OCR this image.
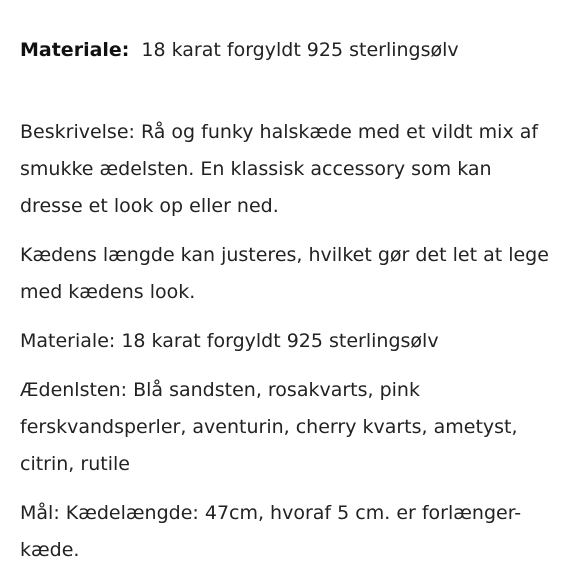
Materiale: 18 karat forgyldt 925 sterlingsølv

Beskrivelse: Rå og funky halskæde med et vildt mix af smukke ædelsten. En klassisk accessory som kan dresse et look op eller ned.

Kædens længde kan justeres, hvilket gør det let at lege med kædens look.

Materiale: 18 karat forgyldt 925 sterlingsølv

Ædenlsten: Blå sandsten, rosakvarts, pink ferskvandsperler, aventurin, cherry kvarts, ametyst, citrin, rutile

Mål: Kædelængde: 47cm, hvoraf 5 cm. er forlænger-kæde.
